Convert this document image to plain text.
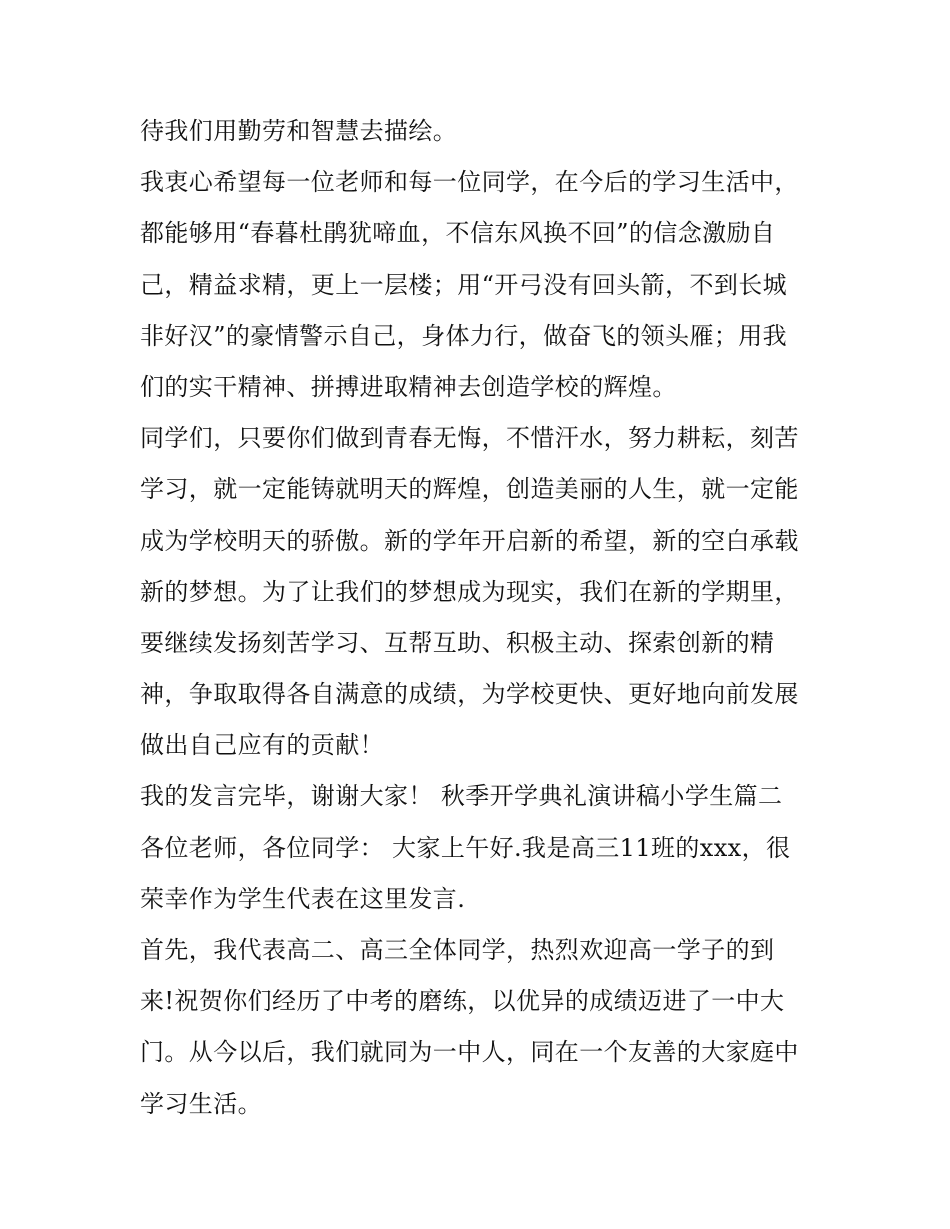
待我们用勤劳和智慧去描绘。
我衷心希望每一位老师和每一位同学，在今后的学习生活中，
都能够用“春暮杜鹃犹啼血，不信东风换不回”的信念激励自
己，精益求精，更上一层楼；用“开弓没有回头箭，不到长城
非好汉”的豪情警示自己，身体力行，做奋飞的领头雁；用我
们的实干精神、拼搏进取精神去创造学校的辉煌。
同学们，只要你们做到青春无悔，不惜汗水，努力耕耘，刻苦
学习，就一定能铸就明天的辉煌，创造美丽的人生，就一定能
成为学校明天的骄傲。新的学年开启新的希望，新的空白承载
新的梦想。为了让我们的梦想成为现实，我们在新的学期里，
要继续发扬刻苦学习、互帮互助、积极主动、探索创新的精
神，争取取得各自满意的成绩，为学校更快、更好地向前发展
做出自己应有的贡献！
我的发言完毕，谢谢大家！ 秋季开学典礼演讲稿小学生篇二
各位老师，各位同学： 大家上午好.我是高三11班的xxx，很
荣幸作为学生代表在这里发言.
首先，我代表高二、高三全体同学，热烈欢迎高一学子的到
来!祝贺你们经历了中考的磨练，以优异的成绩迈进了一中大
门。从今以后，我们就同为一中人，同在一个友善的大家庭中
学习生活。
